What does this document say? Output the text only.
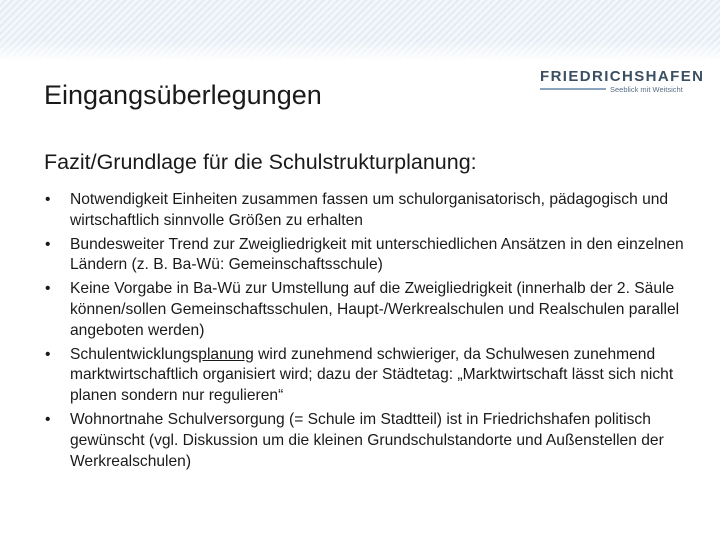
FRIEDRICHSHAFEN
Seeblick mit Weitsicht
Eingangsüberlegungen
Fazit/Grundlage für die Schulstrukturplanung:
• Notwendigkeit Einheiten zusammen fassen um schulorganisatorisch, pädagogisch und wirtschaftlich sinnvolle Größen zu erhalten
• Bundesweiter Trend zur Zweigliedrigkeit mit unterschiedlichen Ansätzen in den einzelnen Ländern (z. B. Ba-Wü: Gemeinschaftsschule)
• Keine Vorgabe in Ba-Wü zur Umstellung auf die Zweigliedrigkeit (innerhalb der 2. Säule können/sollen Gemeinschaftsschulen, Haupt-/Werkrealschulen und Realschulen parallel angeboten werden)
• Schulentwicklungsplanung wird zunehmend schwieriger, da Schulwesen zunehmend marktwirtschaftlich organisiert wird; dazu der Städtetag: „Marktwirtschaft lässt sich nicht planen sondern nur regulieren“
• Wohnortnahe Schulversorgung (= Schule im Stadtteil) ist in Friedrichshafen politisch gewünscht (vgl. Diskussion um die kleinen Grundschulstandorte und Außenstellen der Werkrealschulen)
